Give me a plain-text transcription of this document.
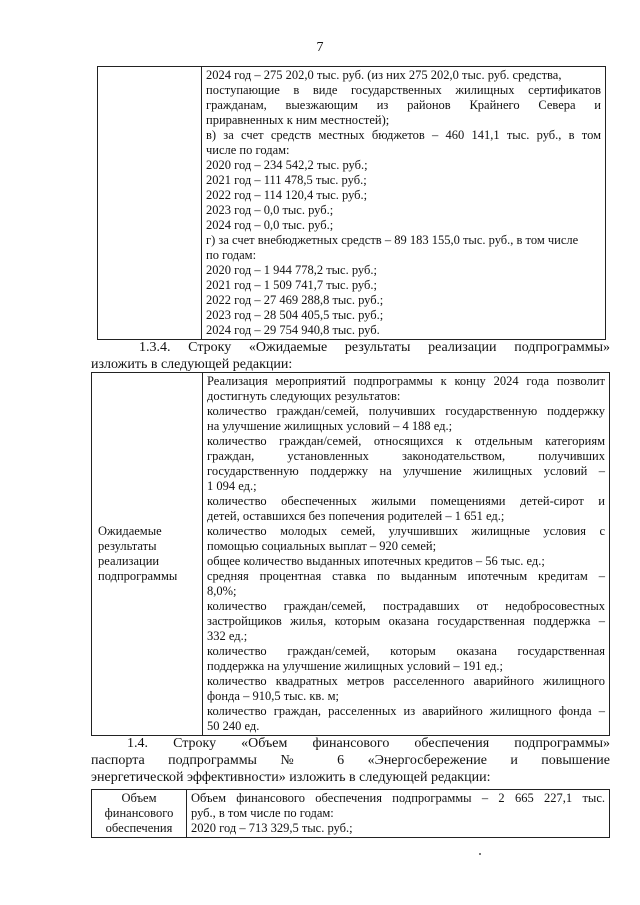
7

2024 год – 275 202,0 тыс. руб. (из них 275 202,0 тыс. руб. средства,
поступающие в виде государственных жилищных сертификатов
гражданам, выезжающим из районов Крайнего Севера и
приравненных к ним местностей);
в) за счет средств местных бюджетов – 460 141,1 тыс. руб., в том
числе по годам:
2020 год – 234 542,2 тыс. руб.;
2021 год – 111 478,5 тыс. руб.;
2022 год – 114 120,4 тыс. руб.;
2023 год – 0,0 тыс. руб.;
2024 год – 0,0 тыс. руб.;
г) за счет внебюджетных средств – 89 183 155,0 тыс. руб., в том числе
по годам:
2020 год – 1 944 778,2 тыс. руб.;
2021 год – 1 509 741,7 тыс. руб.;
2022 год – 27 469 288,8 тыс. руб.;
2023 год – 28 504 405,5 тыс. руб.;
2024 год – 29 754 940,8 тыс. руб.
1.3.4. Строку «Ожидаемые результаты реализации подпрограммы»
изложить в следующей редакции:
Ожидаемые
результаты
реализации
подпрограммы

Реализация мероприятий подпрограммы к концу 2024 года позволит
достигнуть следующих результатов:
количество граждан/семей, получивших государственную поддержку
на улучшение жилищных условий – 4 188 ед.;
количество граждан/семей, относящихся к отдельным категориям
граждан, установленных законодательством, получивших
государственную поддержку на улучшение жилищных условий –
1 094 ед.;
количество обеспеченных жилыми помещениями детей-сирот и
детей, оставшихся без попечения родителей – 1 651 ед.;
количество молодых семей, улучшивших жилищные условия с
помощью социальных выплат – 920 семей;
общее количество выданных ипотечных кредитов – 56 тыс. ед.;
средняя процентная ставка по выданным ипотечным кредитам –
8,0%;
количество граждан/семей, пострадавших от недобросовестных
застройщиков жилья, которым оказана государственная поддержка –
332 ед.;
количество граждан/семей, которым оказана государственная
поддержка на улучшение жилищных условий – 191 ед.;
количество квадратных метров расселенного аварийного жилищного
фонда – 910,5 тыс. кв. м;
количество граждан, расселенных из аварийного жилищного фонда –
50 240 ед.
1.4. Строку «Объем финансового обеспечения подпрограммы»
паспорта подпрограммы № 6 «Энергосбережение и повышение
энергетической эффективности» изложить в следующей редакции:
Объем
финансового
обеспечения

Объем финансового обеспечения подпрограммы – 2 665 227,1 тыс.
руб., в том числе по годам:
2020 год – 713 329,5 тыс. руб.;
